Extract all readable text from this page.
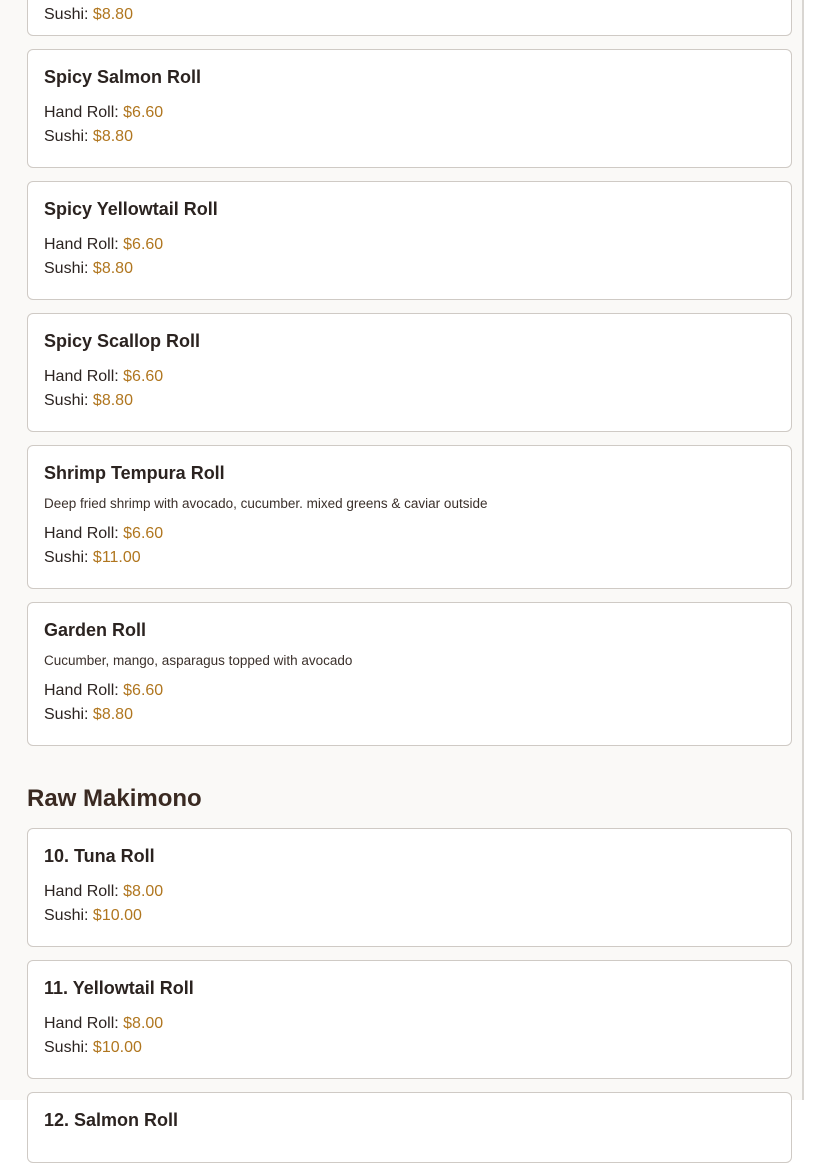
Sushi: $8.80
Spicy Salmon Roll
Hand Roll: $6.60
Sushi: $8.80
Spicy Yellowtail Roll
Hand Roll: $6.60
Sushi: $8.80
Spicy Scallop Roll
Hand Roll: $6.60
Sushi: $8.80
Shrimp Tempura Roll
Deep fried shrimp with avocado, cucumber. mixed greens & caviar outside
Hand Roll: $6.60
Sushi: $11.00
Garden Roll
Cucumber, mango, asparagus topped with avocado
Hand Roll: $6.60
Sushi: $8.80
Raw Makimono
10. Tuna Roll
Hand Roll: $8.00
Sushi: $10.00
11. Yellowtail Roll
Hand Roll: $8.00
Sushi: $10.00
12. Salmon Roll
